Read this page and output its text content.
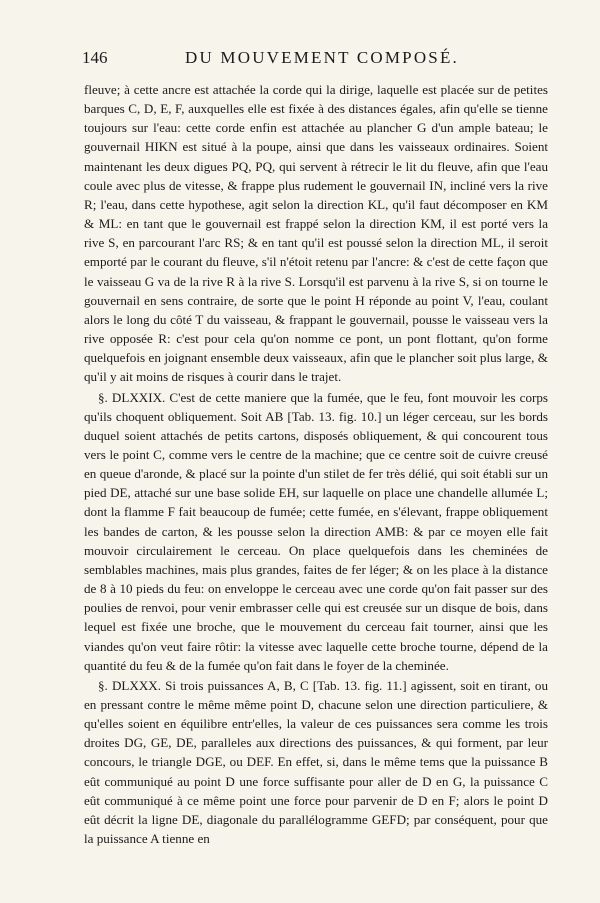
146	DU MOUVEMENT COMPOSÉ.

fleuve; à cette ancre est attachée la corde qui la dirige, laquelle est placée sur de petites barques C, D, E, F, auxquelles elle est fixée à des distances égales, afin qu'elle se tienne toujours sur l'eau: cette corde enfin est attachée au plancher G d'un ample bateau; le gouvernail HIKN est situé à la poupe, ainsi que dans les vaisseaux ordinaires. Soient maintenant les deux digues PQ, PQ, qui servent à rétrecir le lit du fleuve, afin que l'eau coule avec plus de vitesse, & frappe plus rudement le gouvernail IN, incliné vers la rive R; l'eau, dans cette hypothese, agit selon la direction KL, qu'il faut décomposer en KM & ML: en tant que le gouvernail est frappé selon la direction KM, il est porté vers la rive S, en parcourant l'arc RS; & en tant qu'il est poussé selon la direction ML, il seroit emporté par le courant du fleuve, s'il n'étoit retenu par l'ancre: & c'est de cette façon que le vaisseau G va de la rive R à la rive S. Lorsqu'il est parvenu à la rive S, si on tourne le gouvernail en sens contraire, de sorte que le point H réponde au point V, l'eau, coulant alors le long du côté T du vaisseau, & frappant le gouvernail, pousse le vaisseau vers la rive opposée R: c'est pour cela qu'on nomme ce pont, un pont flottant, qu'on forme quelquefois en joignant ensemble deux vaisseaux, afin que le plancher soit plus large, & qu'il y ait moins de risques à courir dans le trajet.

§. DLXXIX. C'est de cette maniere que la fumée, que le feu, font mouvoir les corps qu'ils choquent obliquement. Soit AB [Tab. 13. fig. 10.] un léger cerceau, sur les bords duquel soient attachés de petits cartons, disposés obliquement, & qui concourent tous vers le point C, comme vers le centre de la machine; que ce centre soit de cuivre creusé en queue d'aronde, & placé sur la pointe d'un stilet de fer très délié, qui soit établi sur un pied DE, attaché sur une base solide EH, sur laquelle on place une chandelle allumée L; dont la flamme F fait beaucoup de fumée; cette fumée, en s'élevant, frappe obliquement les bandes de carton, & les pousse selon la direction AMB: & par ce moyen elle fait mouvoir circulairement le cerceau. On place quelquefois dans les cheminées de semblables machines, mais plus grandes, faites de fer léger; & on les place à la distance de 8 à 10 pieds du feu: on enveloppe le cerceau avec une corde qu'on fait passer sur des poulies de renvoi, pour venir embrasser celle qui est creusée sur un disque de bois, dans lequel est fixée une broche, que le mouvement du cerceau fait tourner, ainsi que les viandes qu'on veut faire rôtir: la vitesse avec laquelle cette broche tourne, dépend de la quantité du feu & de la fumée qu'on fait dans le foyer de la cheminée.

§. DLXXX. Si trois puissances A, B, C [Tab. 13. fig. 11.] agissent, soit en tirant, ou en pressant contre le même même point D, chacune selon une direction particuliere, & qu'elles soient en équilibre entr'elles, la valeur de ces puissances sera comme les trois droites DG, GE, DE, paralleles aux directions des puissances, & qui forment, par leur concours, le triangle DGE, ou DEF. En effet, si, dans le même tems que la puissance B eût communiqué au point D une force suffisante pour aller de D en G, la puissance C eût communiqué à ce même point une force pour parvenir de D en F; alors le point D eût décrit la ligne DE, diagonale du parallélogramme GEFD; par conséquent, pour que la puissance A tienne en
